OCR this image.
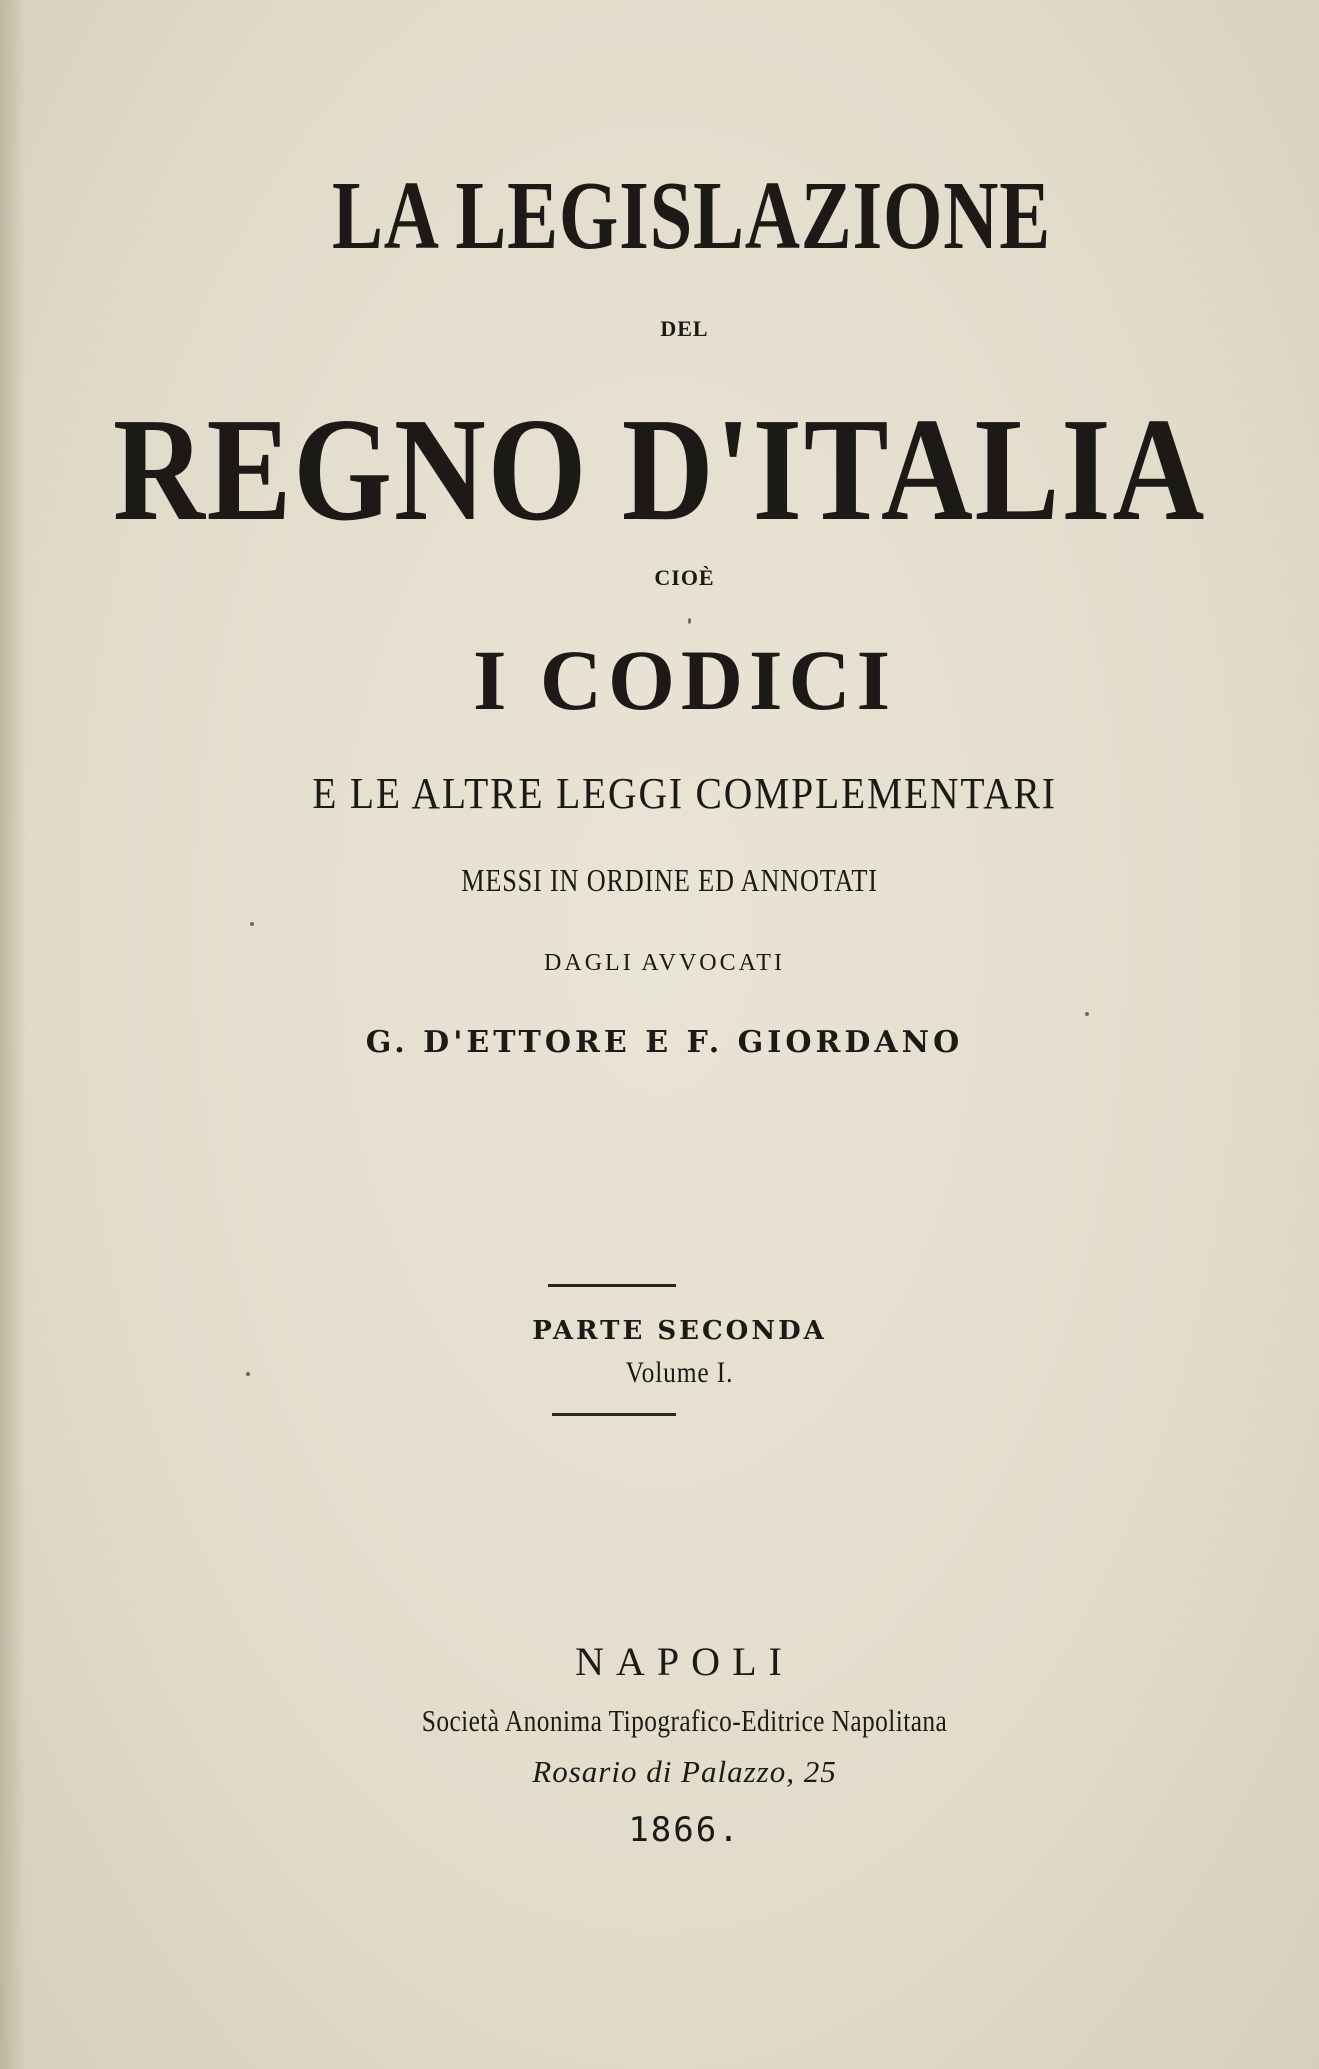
LA LEGISLAZIONE
DEL
REGNO D'ITALIA
CIOÈ
I CODICI
E LE ALTRE LEGGI COMPLEMENTARI
MESSI IN ORDINE ED ANNOTATI
DAGLI AVVOCATI
G. D'ETTORE E F. GIORDANO
PARTE SECONDA
Volume I.
NAPOLI
Società Anonima Tipografico-Editrice Napolitana
Rosario di Palazzo, 25
1866.
